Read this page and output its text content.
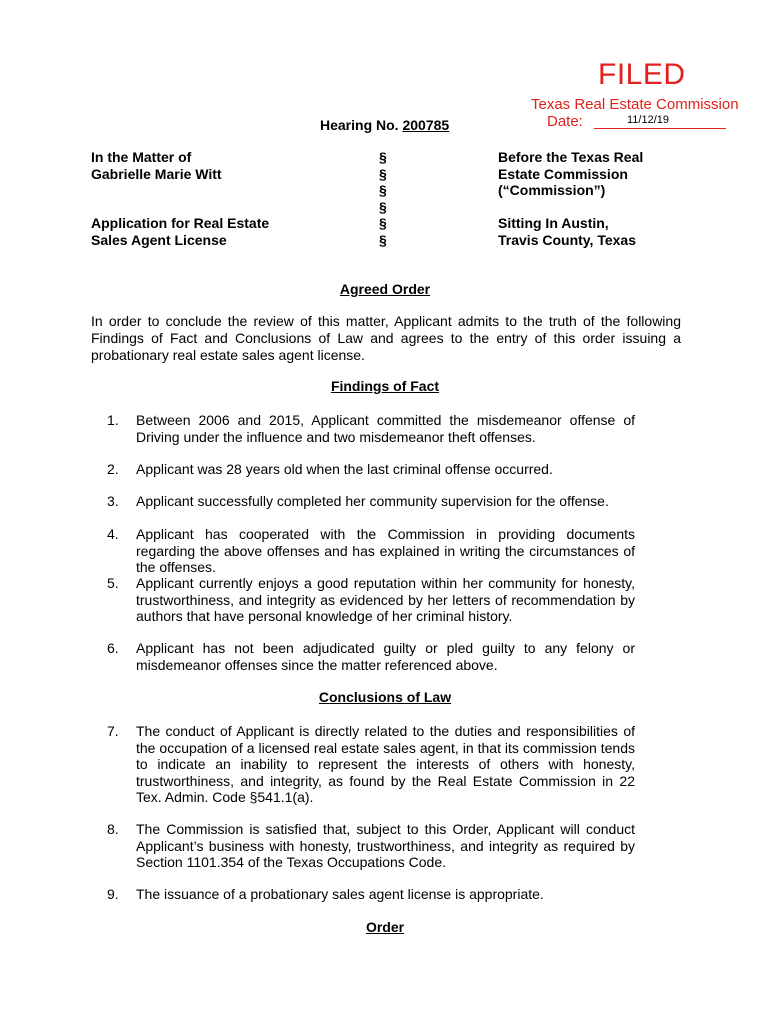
FILED
Texas Real Estate Commission
Date:	11/12/19
Hearing No. 200785
In the Matter of
Gabrielle Marie Witt
Application for Real Estate
Sales Agent License
§
§
§
§
§
§
Before the Texas Real
Estate Commission
(“Commission”)
Sitting In Austin,
Travis County, Texas
Agreed Order
In order to conclude the review of this matter, Applicant admits to the truth of the following Findings of Fact and Conclusions of Law and agrees to the entry of this order issuing a probationary real estate sales agent license.
Findings of Fact
1. Between 2006 and 2015, Applicant committed the misdemeanor offense of Driving under the influence and two misdemeanor theft offenses.
2. Applicant was 28 years old when the last criminal offense occurred.
3. Applicant successfully completed her community supervision for the offense.
4. Applicant has cooperated with the Commission in providing documents regarding the above offenses and has explained in writing the circumstances of the offenses.
5. Applicant currently enjoys a good reputation within her community for honesty, trustworthiness, and integrity as evidenced by her letters of recommendation by authors that have personal knowledge of her criminal history.
6. Applicant has not been adjudicated guilty or pled guilty to any felony or misdemeanor offenses since the matter referenced above.
Conclusions of Law
7. The conduct of Applicant is directly related to the duties and responsibilities of the occupation of a licensed real estate sales agent, in that its commission tends to indicate an inability to represent the interests of others with honesty, trustworthiness, and integrity, as found by the Real Estate Commission in 22 Tex. Admin. Code §541.1(a).
8. The Commission is satisfied that, subject to this Order, Applicant will conduct Applicant’s business with honesty, trustworthiness, and integrity as required by Section 1101.354 of the Texas Occupations Code.
9. The issuance of a probationary sales agent license is appropriate.
Order
